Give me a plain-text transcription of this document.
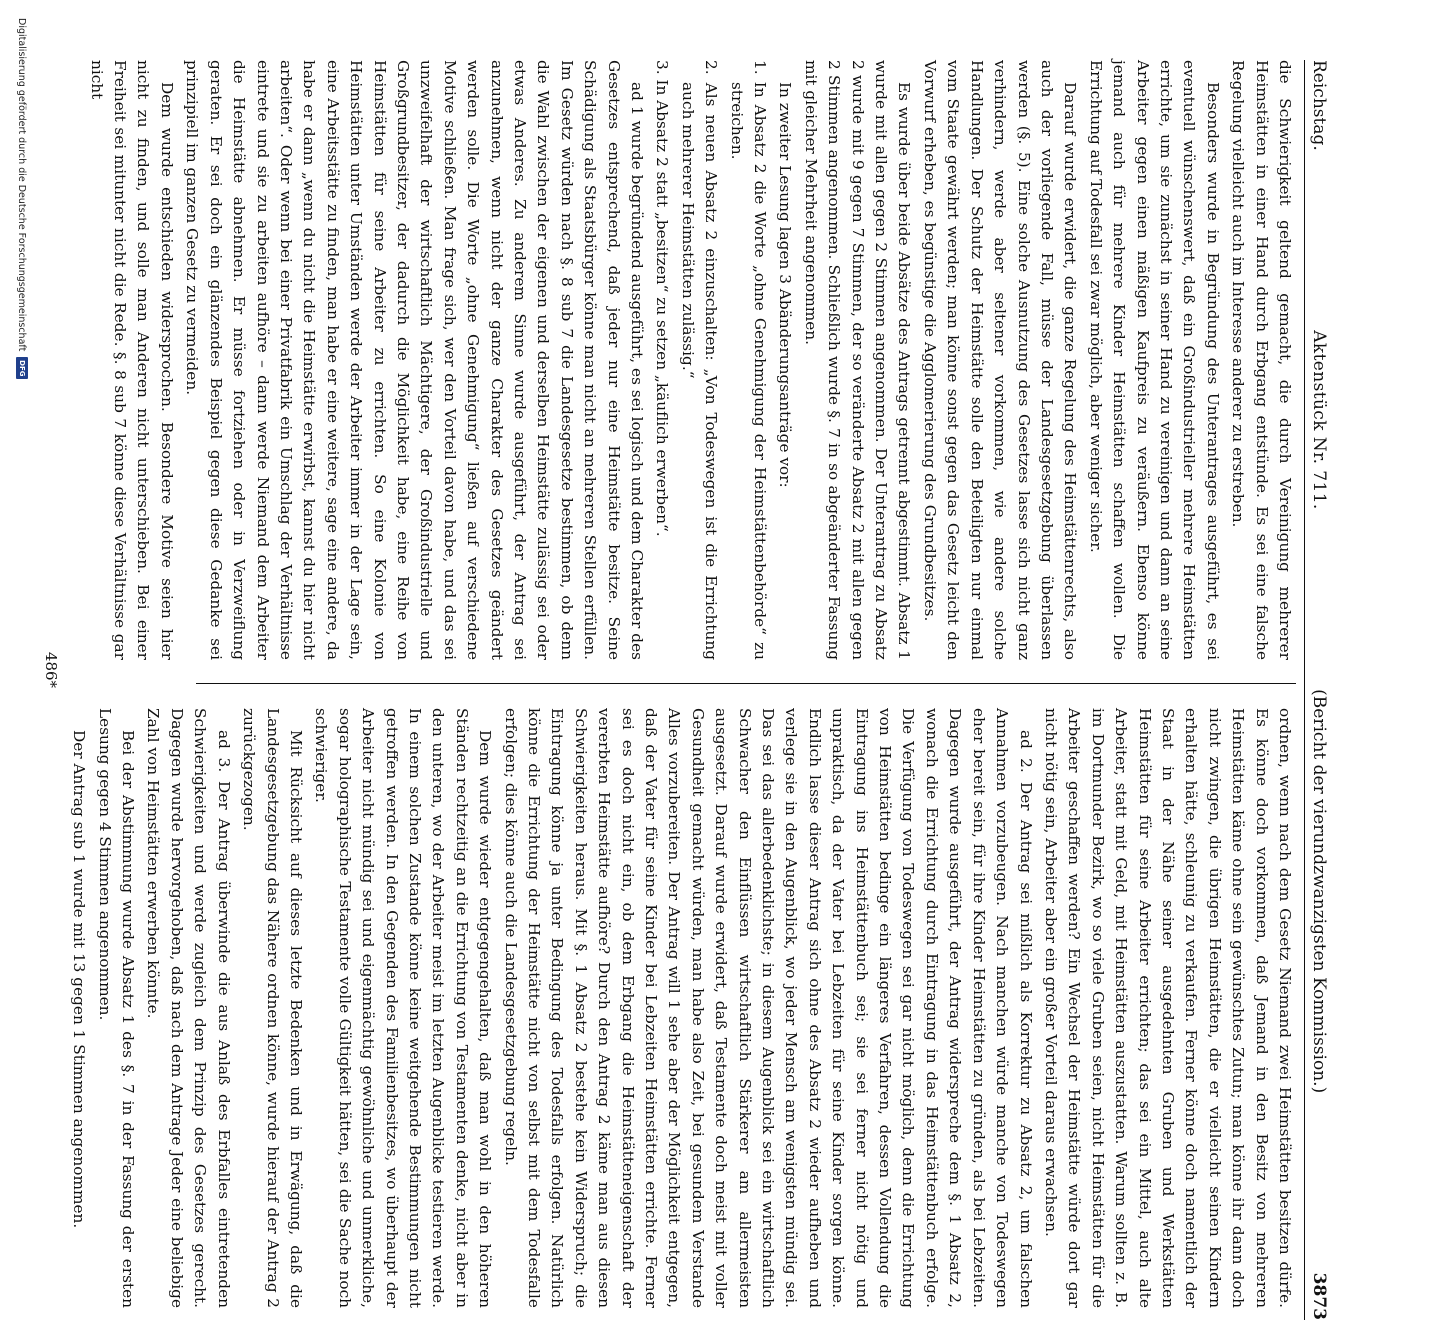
Reichstag.
Aktenstück Nr. 711.
(Bericht der vierundzwanzigsten Kommission.)
3873

die Schwierigkeit geltend gemacht, die durch Vereinigung mehrerer Heimstätten in einer Hand durch Erbgang entstünde. Es sei eine falsche Regelung vielleicht auch im Interesse anderer zu erstreben.

Besonders wurde in Begründung des Unterantrages ausgeführt, es sei eventuell wünschenswert, daß ein Großindustrieller mehrere Heimstätten errichte, um sie zunächst in seiner Hand zu vereinigen und dann an seine Arbeiter gegen einen mäßigen Kaufpreis zu veräußern. Ebenso könne jemand auch für mehrere Kinder Heimstätten schaffen wollen. Die Errichtung auf Todesfall sei zwar möglich, aber weniger sicher.

Darauf wurde erwidert, die ganze Regelung des Heimstättenrechts, also auch der vorliegende Fall, müsse der Landesgesetzgebung überlassen werden (§. 5). Eine solche Ausnutzung des Gesetzes lasse sich nicht ganz verhindern, werde aber seltener vorkommen, wie andere solche Handlungen. Der Schutz der Heimstätte solle den Beteiligten nur einmal vom Staate gewährt werden; man könne sonst gegen das Gesetz leicht den Vorwurf erheben, es begünstige die Agglomerierung des Grundbesitzes.

Es wurde über beide Absätze des Antrags getrennt abgestimmt. Absatz 1 wurde mit allen gegen 2 Stimmen angenommen. Der Unterantrag zu Absatz 2 wurde mit 9 gegen 7 Stimmen, der so veränderte Absatz 2 mit allen gegen 2 Stimmen angenommen. Schließlich wurde §. 7 in so abgeänderter Fassung mit gleicher Mehrheit angenommen.

In zweiter Lesung lagen 3 Abänderungsanträge vor:

1. In Absatz 2 die Worte „ohne Genehmigung der Heimstättenbehörde“ zu streichen.

2. Als neuen Absatz 2 einzuschalten: „Von Todeswegen ist die Errichtung auch mehrerer Heimstätten zulässig.“

3. In Absatz 2 statt „besitzen“ zu setzen „käuflich erwerben“.

ad 1 wurde begründend ausgeführt, es sei logisch und dem Charakter des Gesetzes entsprechend, daß jeder nur eine Heimstätte besitze. Seine Schädigung als Staatsbürger könne man nicht an mehreren Stellen erfüllen. Im Gesetz würden nach §. 8 sub 7 die Landesgesetze bestimmen, ob denn die Wahl zwischen der eigenen und derselben Heimstätte zulässig sei oder etwas Anderes. Zu anderem Sinne wurde ausgeführt, der Antrag sei anzunehmen, wenn nicht der ganze Charakter des Gesetzes geändert werden solle. Die Worte „ohne Genehmigung“ ließen auf verschiedene Motive schließen. Man frage sich, wer den Vorteil davon habe, und das sei unzweifelhaft der wirtschaftlich Mächtigere, der Großindustrielle und Großgrundbesitzer, der dadurch die Möglichkeit habe, eine Reihe von Heimstätten für seine Arbeiter zu errichten. So eine Kolonie von Heimstätten unter Umständen werde der Arbeiter immer in der Lage sein, eine Arbeitsstätte zu finden, man habe er eine weitere, sage eine andere, da habe er dann „wenn du nicht die Heimstätte erwirbst, kannst du hier nicht arbeiten“. Oder wenn bei einer Privatfabrik ein Umschlag der Verhältnisse eintrete und sie zu arbeiten aufhöre – dann werde Niemand dem Arbeiter die Heimstätte abnehmen. Er müsse fortziehen oder in Verzweiflung geraten. Er sei doch ein glänzendes Beispiel gegen diese Gedanke sei prinzipiell im ganzen Gesetz zu vermeiden.

Dem wurde entschieden widersprochen. Besondere Motive seien hier nicht zu finden, und solle man Anderen nicht unterschieben. Bei einer Freiheit sei mitunter nicht die Rede. §. 8 sub 7 könne diese Verhältnisse gar nicht

ordnen, wenn nach dem Gesetz Niemand zwei Heimstätten besitzen dürfe. Es könne doch vorkommen, daß Jemand in den Besitz von mehreren Heimstätten käme ohne sein gewünschtes Zutun; man könne ihr dann doch nicht zwingen, die übrigen Heimstätten, die er vielleicht seinen Kindern erhalten hätte, schleunig zu verkaufen. Ferner könne doch namentlich der Staat in der Nähe seiner ausgedehnten Gruben und Werkstätten Heimstätten für seine Arbeiter errichten; das sei ein Mittel, auch alte Arbeiter, statt mit Geld, mit Heimstätten auszustatten. Warum sollten z. B. im Dortmunder Bezirk, wo so viele Gruben seien, nicht Heimstätten für die Arbeiter geschaffen werden? Ein Wechsel der Heimstätte würde dort gar nicht nötig sein, Arbeiter aber ein großer Vorteil daraus erwachsen.

ad 2. Der Antrag sei mißlich als Korrektur zu Absatz 2, um falschen Annahmen vorzubeugen. Nach manchen würde manche von Todeswegen eher bereit sein, für ihre Kinder Heimstätten zu gründen, als bei Lebzeiten. Dagegen wurde ausgeführt, der Antrag widerspreche dem §. 1 Absatz 2, wonach die Errichtung durch Eintragung in das Heimstättenbuch erfolge. Die Verfügung von Todeswegen sei gar nicht möglich, denn die Errichtung von Heimstätten bedinge ein längeres Verfahren, dessen Vollendung die Eintragung ins Heimstättenbuch sei; sie sei ferner nicht nötig und unpraktisch, da der Vater bei Lebzeiten für seine Kinder sorgen könne. Endlich lasse dieser Antrag sich ohne des Absatz 2 wieder aufheben und verlege sie in den Augenblick, wo jeder Mensch am wenigsten mündig sei. Das sei das allerbedenklichste; in diesem Augenblick sei ein wirtschaftlich Schwacher den Einflüssen wirtschaftlich Stärkerer am allermeisten ausgesetzt. Darauf wurde erwidert, daß Testamente doch meist mit voller Gesundheit gemacht würden, man habe also Zeit, bei gesundem Verstande Alles vorzubereiten. Der Antrag will 1 sehe aber der Möglichkeit entgegen, daß der Vater für seine Kinder bei Lebzeiten Heimstätten errichte. Ferner sei es doch nicht ein, ob dem Erbgang die Heimstätteneigenschaft der vererbten Heimstätte aufhöre? Durch den Antrag 2 käme man aus diesen Schwierigkeiten heraus. Mit §. 1 Absatz 2 bestehe kein Widerspruch; die Eintragung könne ja unter Bedingung des Todesfalls erfolgen. Natürlich könne die Errichtung der Heimstätte nicht von selbst mit dem Todesfalle erfolgen; dies könne auch die Landesgesetzgebung regeln.

Dem wurde wieder entgegengehalten, daß man wohl in den höheren Ständen rechtzeitig an die Errichtung von Testamenten denke, nicht aber in den unteren, wo der Arbeiter meist im letzten Augenblicke testieren werde. In einem solchen Zustande könne keine weitgehende Bestimmungen nicht getroffen werden. In den Gegenden des Familienbesitzes, wo überhaupt der Arbeiter nicht mündig sei und eigenmächtig gewöhnliche und unmerkliche, sogar holographische Testamente volle Gültigkeit hätten, sei die Sache noch schwieriger.

Mit Rücksicht auf dieses letzte Bedenken und in Erwägung, daß die Landesgesetzgebung das Nähere ordnen könne, wurde hierauf der Antrag 2 zurückgezogen.

ad 3. Der Antrag überwinde die aus Anlaß des Erbfalles eintretenden Schwierigkeiten und werde zugleich dem Prinzip des Gesetzes gerecht. Dagegen wurde hervorgehoben, daß nach dem Antrage Jeder eine beliebige Zahl von Heimstätten erwerben könnte.

Bei der Abstimmung wurde Absatz 1 des §. 7 in der Fassung der ersten Lesung gegen 4 Stimmen angenommen.

Der Antrag sub 1 wurde mit 13 gegen 1 Stimmen angenommen.

486*
Digitalisierung gefördert durch die Deutsche Forschungsgemeinschaft
DFG
